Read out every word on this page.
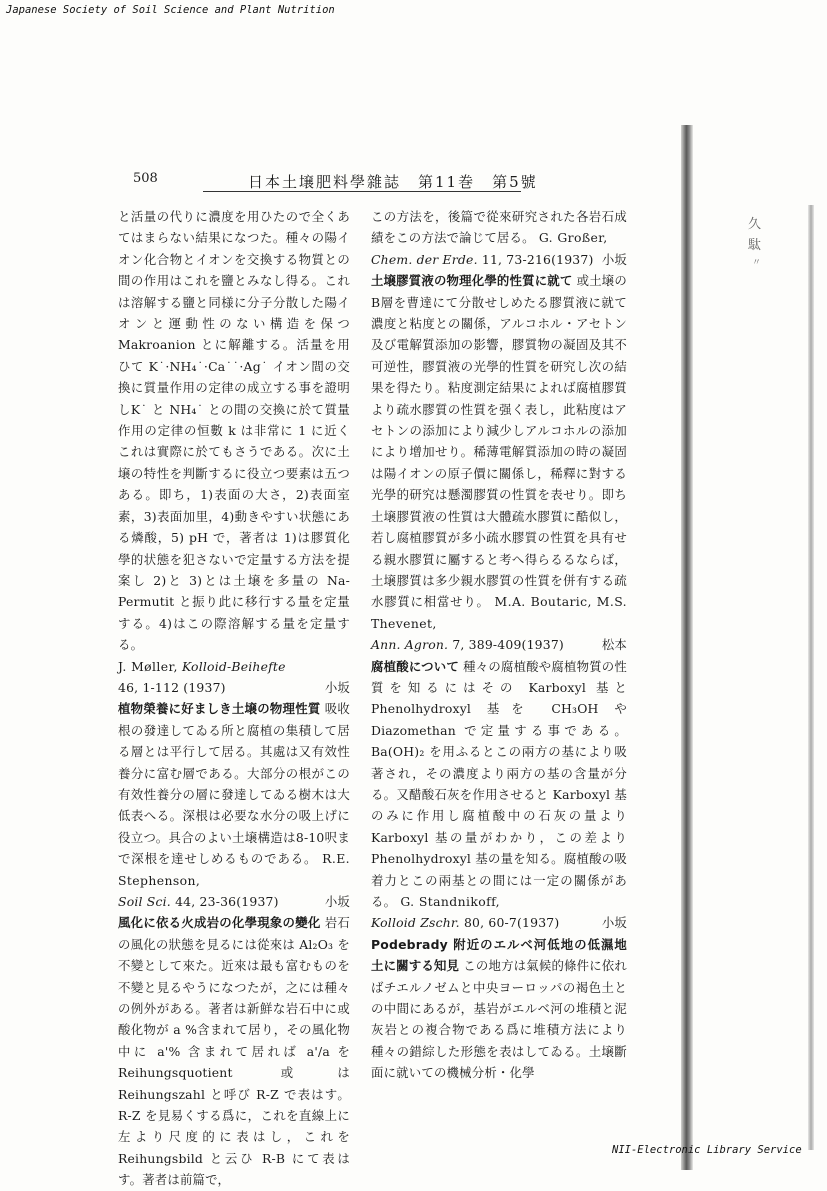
Japanese Society of Soil Science and Plant Nutrition
久
駄
〃
508	日本土壌肥料學雜誌　第11巻　第5號

と活量の代りに濃度を用ひたので全くあてはまらない結果になつた。種々の陽イオン化合物とイオンを交換する物質との間の作用はこれを鹽とみなし得る。これは溶解する鹽と同様に分子分散した陽イオンと運動性のない構造を保つ Makroanion とに解離する。活量を用ひて K˙·NH₄˙·Ca˙˙·Ag˙ イオン間の交換に質量作用の定律の成立する事を證明しK˙ と NH₄˙ との間の交換に於て質量作用の定律の恒數 k は非常に 1 に近くこれは實際に於てもさうである。次に土壌の特性を判斷するに役立つ要素は五つある。即ち，1)表面の大さ，2)表面室素，3)表面加里，4)動きやすい状態にある燐酸，5) pH で，著者は 1)は膠質化學的状態を犯さないで定量する方法を提案し 2)と 3)とは土壌を多量の Na-Permutit と振り此に移行する量を定量する。4)はこの際溶解する量を定量する。

J. Møller, Kolloid-Beihefte

46, 1-112 (1937)	小坂

植物榮養に好ましき土壌の物理性質 吸收根の發達してゐる所と腐植の集積して居る層とは平行して居る。其處は又有效性養分に富む層である。大部分の根がこの有效性養分の層に發達してゐる樹木は大低表へる。深根は必要な水分の吸上げに役立つ。具合のよい土壌構造は8-10呎まで深根を達せしめるものである。 R.E. Stephenson,

Soil Sci. 44, 23-36(1937)	小坂

風化に依る火成岩の化學現象の變化 岩石の風化の狀態を見るには從來は Al₂O₃ を不變として來た。近來は最も富むものを不變と見るやうになつたが，之には種々の例外がある。著者は新鮮な岩石中に或酸化物が a %含まれて居り，その風化物中に a'% 含まれて居れば a'/a を Reihungsquotient 或は Reihungszahl と呼び R-Z で表はす。R-Z を見易くする爲に，これを直線上に左より尺度的に表はし，これを Reihungsbild と云ひ R-B にて表はす。著者は前篇で，

この方法を，後篇で從來研究された各岩石成績をこの方法で論じて居る。 G. Großer,

Chem. der Erde. 11, 73-216(1937) 小坂

土壌膠質液の物理化學的性質に就て 或土壌の B層を曹達にて分散せしめたる膠質液に就て濃度と粘度との關係，アルコホル・アセトン及び電解質添加の影響，膠質物の凝固及其不可逆性，膠質液の光學的性質を研究し次の結果を得たり。粘度測定結果によれば腐植膠質より疏水膠質の性質を强く表し，此粘度はアセトンの添加により減少しアルコホルの添加により增加せり。稀薄電解質添加の時の凝固は陽イオンの原子價に關係し，稀釋に對する光學的研究は懸濁膠質の性質を表せり。即ち土壌膠質液の性質は大體疏水膠質に酷似し，若し腐植膠質が多小疏水膠質の性質を具有せる親水膠質に屬すると考へ得らるるならば，土壌膠質は多少親水膠質の性質を併有する疏水膠質に相當せり。 M.A. Boutaric, M.S. Thevenet,

Ann. Agron. 7, 389-409(1937)	松本

腐植酸について 種々の腐植酸や腐植物質の性質を知るにはその Karboxyl 基と Phenolhydroxyl 基を CH₃OH や Diazomethan で定量する事である。Ba(OH)₂ を用ふるとこの兩方の基により吸著され，その濃度より兩方の基の含量が分る。又醋酸石灰を作用させると Karboxyl 基のみに作用し腐植酸中の石灰の量より Karboxyl 基の量がわかり，この差より Phenolhydroxyl 基の量を知る。腐植酸の吸着力とこの兩基との間には一定の關係がある。 G. Standnikoff,

Kolloid Zschr. 80, 60-7(1937)	小坂

Podebrady 附近のエルベ河低地の低濕地土に關する知見 この地方は氣候的條件に依ればチエルノゼムと中央ヨーロッパの褐色土との中間にあるが，基岩がエルベ河の堆積と泥灰岩との複合物である爲に堆積方法により種々の錯綜した形態を表はしてゐる。土壌斷面に就いての機械分析・化學

NII-Electronic Library Service
